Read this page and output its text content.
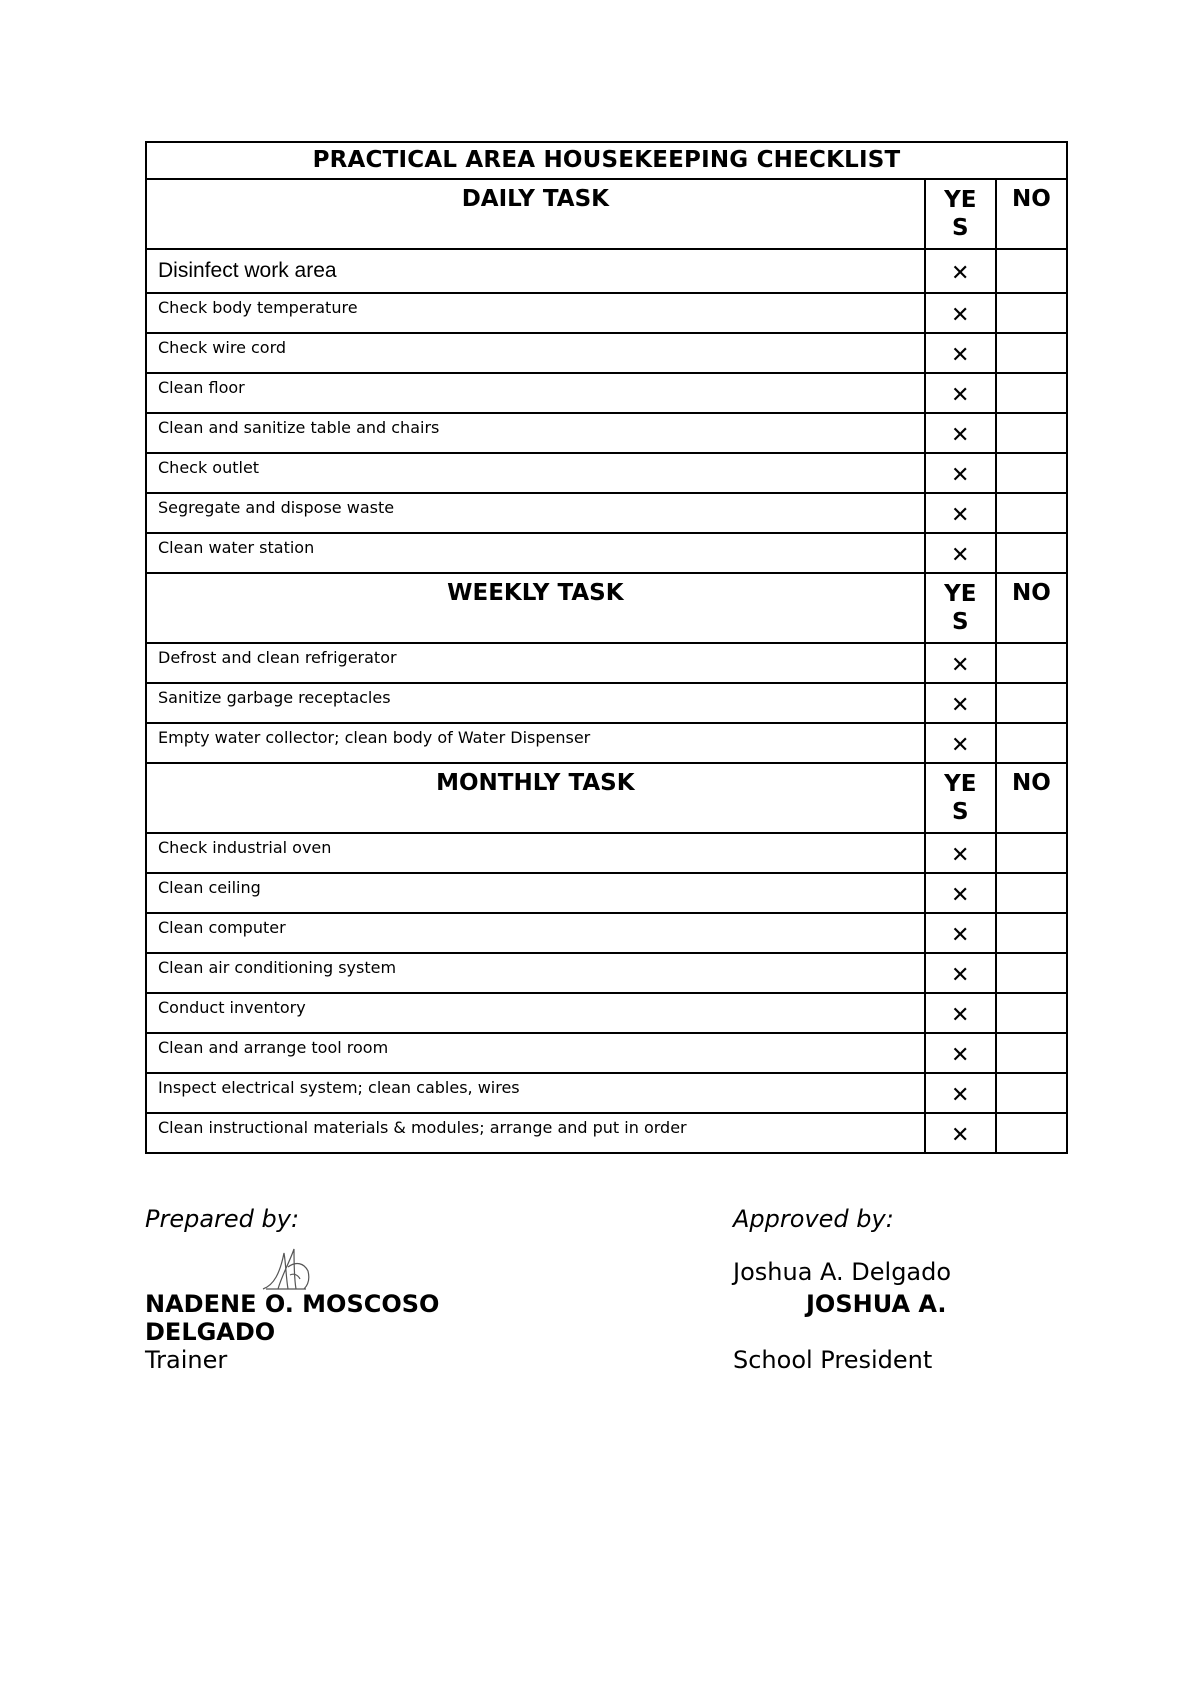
PRACTICAL AREA HOUSEKEEPING CHECKLIST		
DAILY TASK	YES	NO
Disinfect work area	✕	
Check body temperature	✕	
Check wire cord	✕	
Clean floor	✕	
Clean and sanitize table and chairs	✕	
Check outlet	✕	
Segregate and dispose waste	✕	
Clean water station	✕	
WEEKLY TASK	YES	NO
Defrost and clean refrigerator	✕	
Sanitize garbage receptacles	✕	
Empty water collector; clean body of Water Dispenser	✕	
MONTHLY TASK	YES	NO
Check industrial oven	✕	
Clean ceiling	✕	
Clean computer	✕	
Clean air conditioning system	✕	
Conduct inventory	✕	
Clean and arrange tool room	✕	
Inspect electrical system; clean cables, wires	✕	
Clean instructional materials & modules; arrange and put in order	✕	
Prepared by:
NADENE O. MOSCOSO
DELGADO
Trainer
Approved by:
Joshua A. Delgado
JOSHUA A.
School President
